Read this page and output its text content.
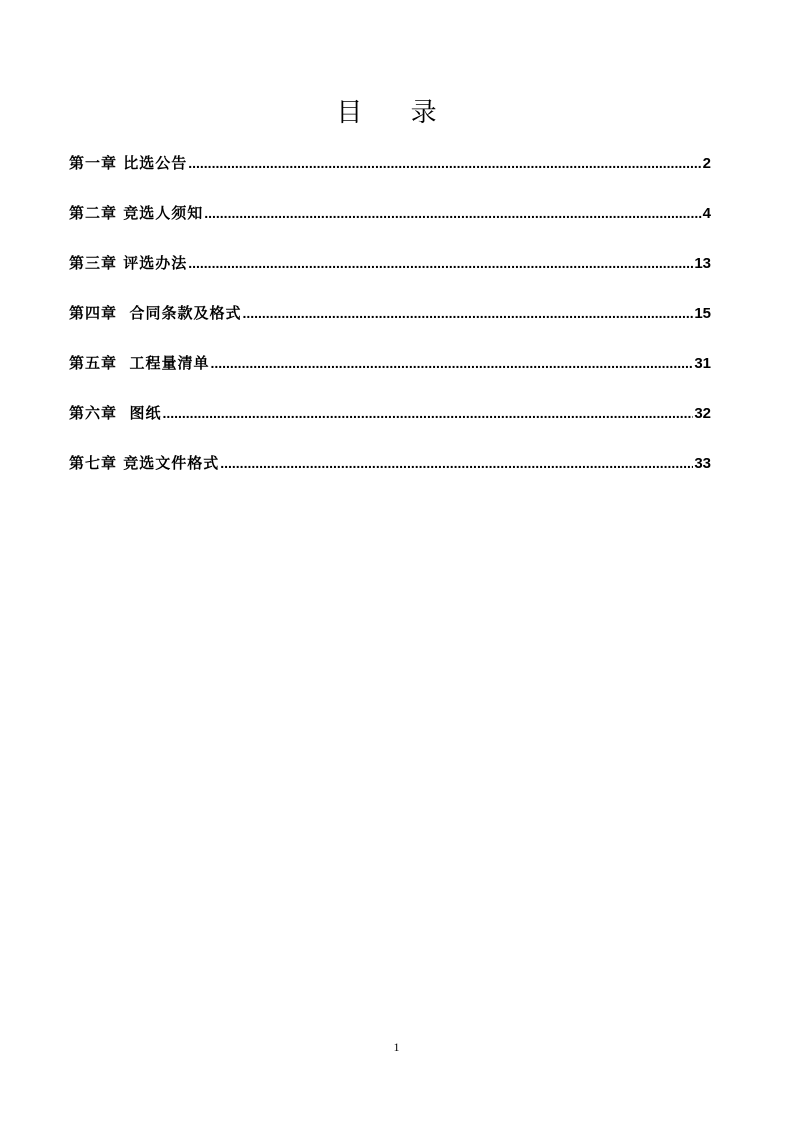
目 录
第一章 比选公告 .....	2
第二章 竞选人须知 .....	4
第三章 评选办法 .....	13
第四章  合同条款及格式 .....	15
第五章  工程量清单 .....	31
第六章  图纸 .....	32
第七章 竞选文件格式 .....	33
1
